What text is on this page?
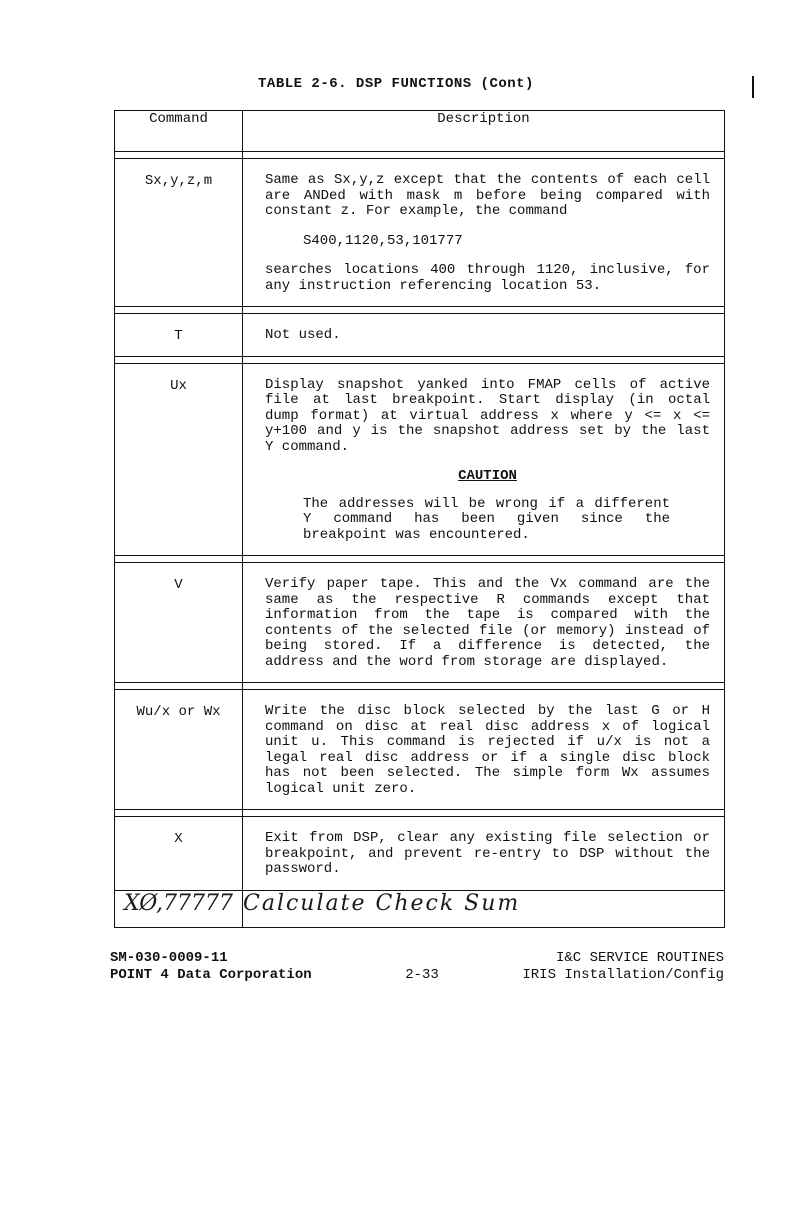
TABLE 2-6. DSP FUNCTIONS (Cont)
Command	Description

Sx,y,z,m	Same as Sx,y,z except that the contents of each cell are ANDed with mask m before being compared with constant z. For example, the command

S400,1120,53,101777

searches locations 400 through 1120, inclusive, for any instruction referencing location 53.

T	Not used.

Ux	Display snapshot yanked into FMAP cells of active file at last breakpoint. Start display (in octal dump format) at virtual address x where y <= x <= y+100 and y is the snapshot address set by the last Y command.

CAUTION

The addresses will be wrong if a different Y command has been given since the breakpoint was encountered.

V	Verify paper tape. This and the Vx command are the same as the respective R commands except that information from the tape is compared with the contents of the selected file (or memory) instead of being stored. If a difference is detected, the address and the word from storage are displayed.

Wu/x or Wx	Write the disc block selected by the last G or H command on disc at real disc address x of logical unit u. This command is rejected if u/x is not a legal real disc address or if a single disc block has not been selected. The simple form Wx assumes logical unit zero.

X	Exit from DSP, clear any existing file selection or breakpoint, and prevent re-entry to DSP without the password.

XØ,77777	Calculate Check Sum
SM-030-0009-11	I&C SERVICE ROUTINES
POINT 4 Data Corporation	2-33	IRIS Installation/Config
